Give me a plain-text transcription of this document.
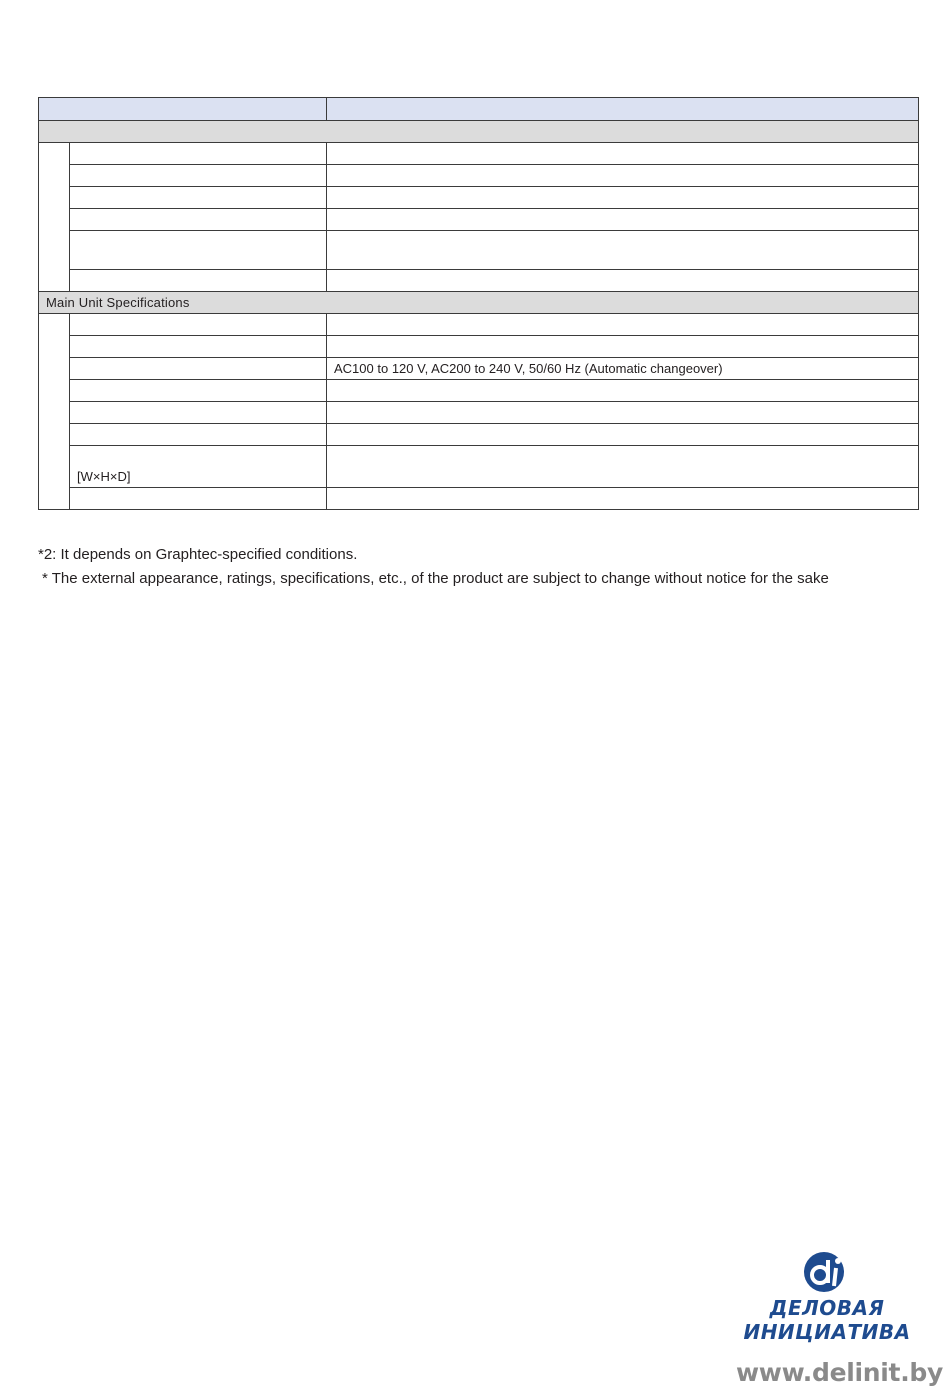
Main Unit Specifications		

		AC100 to 120 V, AC200 to 240 V, 50/60 Hz (Automatic changeover)

	[W×H×D]	

*2: It depends on Graphtec-specified conditions.

* The external appearance, ratings, specifications, etc., of the product are subject to change without notice for the sake

ДЕЛОВАЯ
ИНИЦИАТИВА
www.delinit.by
